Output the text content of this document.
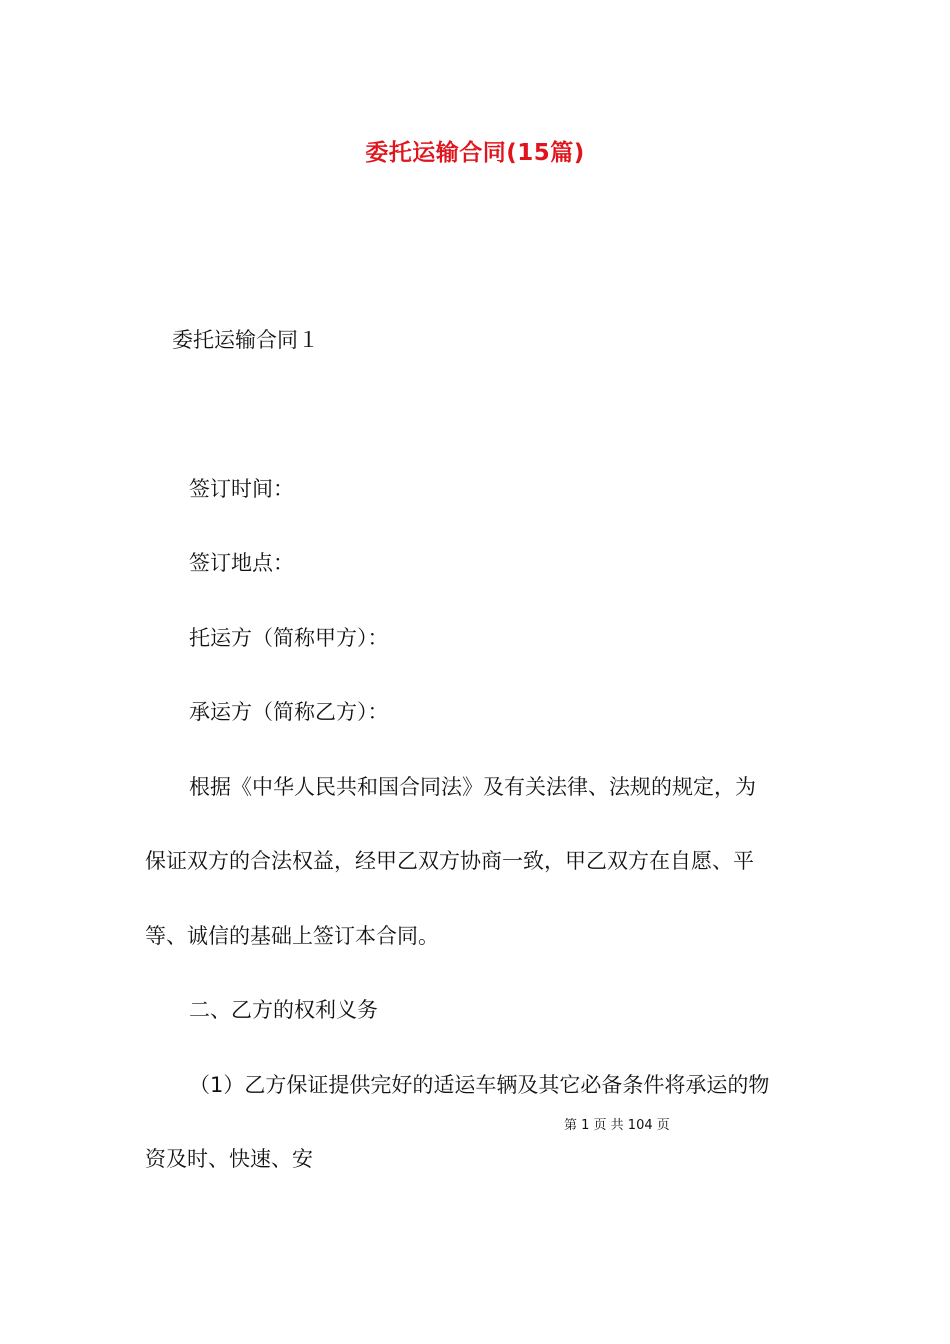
委托运输合同(15篇)
委托运输合同１
签订时间：
签订地点：
托运方（简称甲方）：
承运方（简称乙方）：
根据《中华人民共和国合同法》及有关法律、法规的规定，为
保证双方的合法权益，经甲乙双方协商一致，甲乙双方在自愿、平
等、诚信的基础上签订本合同。
二、乙方的权利义务
（1）乙方保证提供完好的适运车辆及其它必备条件将承运的物
第 1 页 共 104 页
资及时、快速、安
